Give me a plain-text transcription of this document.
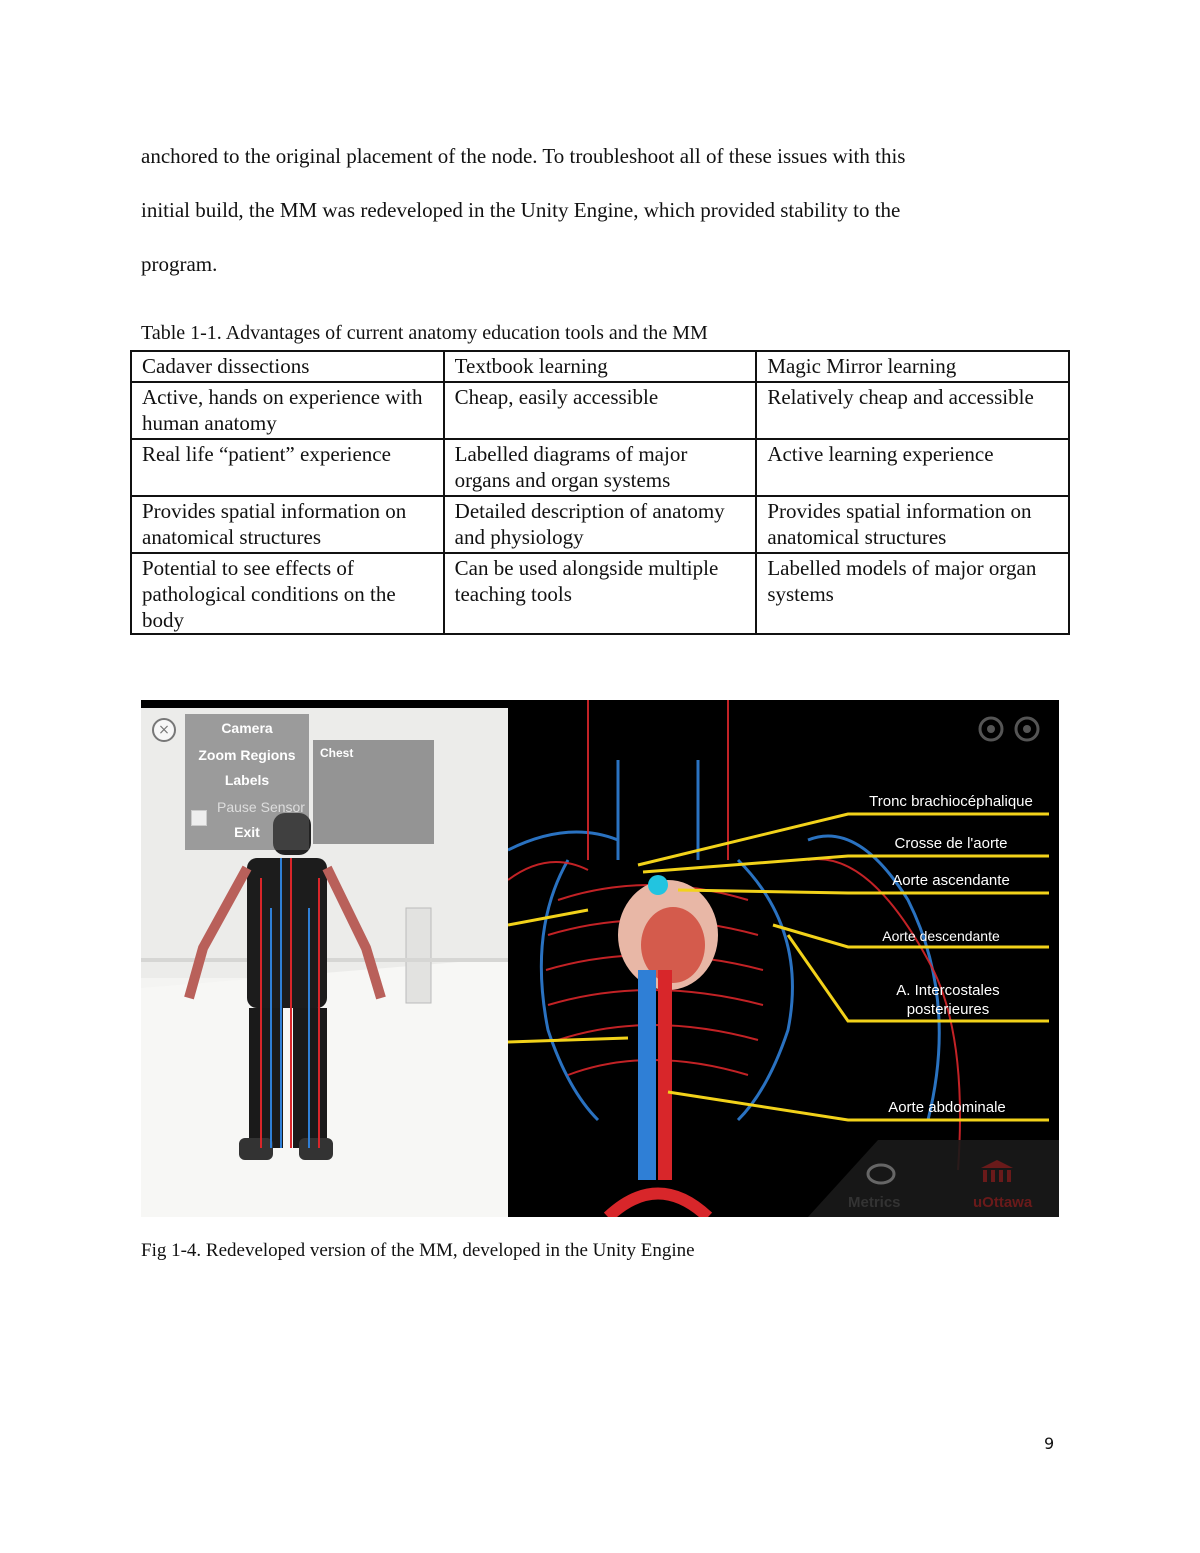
anchored to the original placement of the node. To troubleshoot all of these issues with this

initial build, the MM was redeveloped in the Unity Engine, which provided stability to the

program.

Table 1-1. Advantages of current anatomy education tools and the MM
Cadaver dissections	Textbook learning	Magic Mirror learning
Active, hands on experience with human anatomy	Cheap, easily accessible	Relatively cheap and accessible
Real life “patient” experience	Labelled diagrams of major organs and organ systems	Active learning experience
Provides spatial information on anatomical structures	Detailed description of anatomy and physiology	Provides spatial information on anatomical structures
Potential to see effects of pathological conditions on the body	Can be used alongside multiple teaching tools	Labelled models of major organ systems
×	Camera
Zoom Regions
Labels
Pause Sensor
Exit
Chest
Tronc brachiocéphalique
Crosse de l'aorte
Aorte ascendante
Aorte descendante
A. Intercostales
posterieures
Aorte abdominale
Metrics	uOttawa
Fig 1-4. Redeveloped version of the MM, developed in the Unity Engine
9
